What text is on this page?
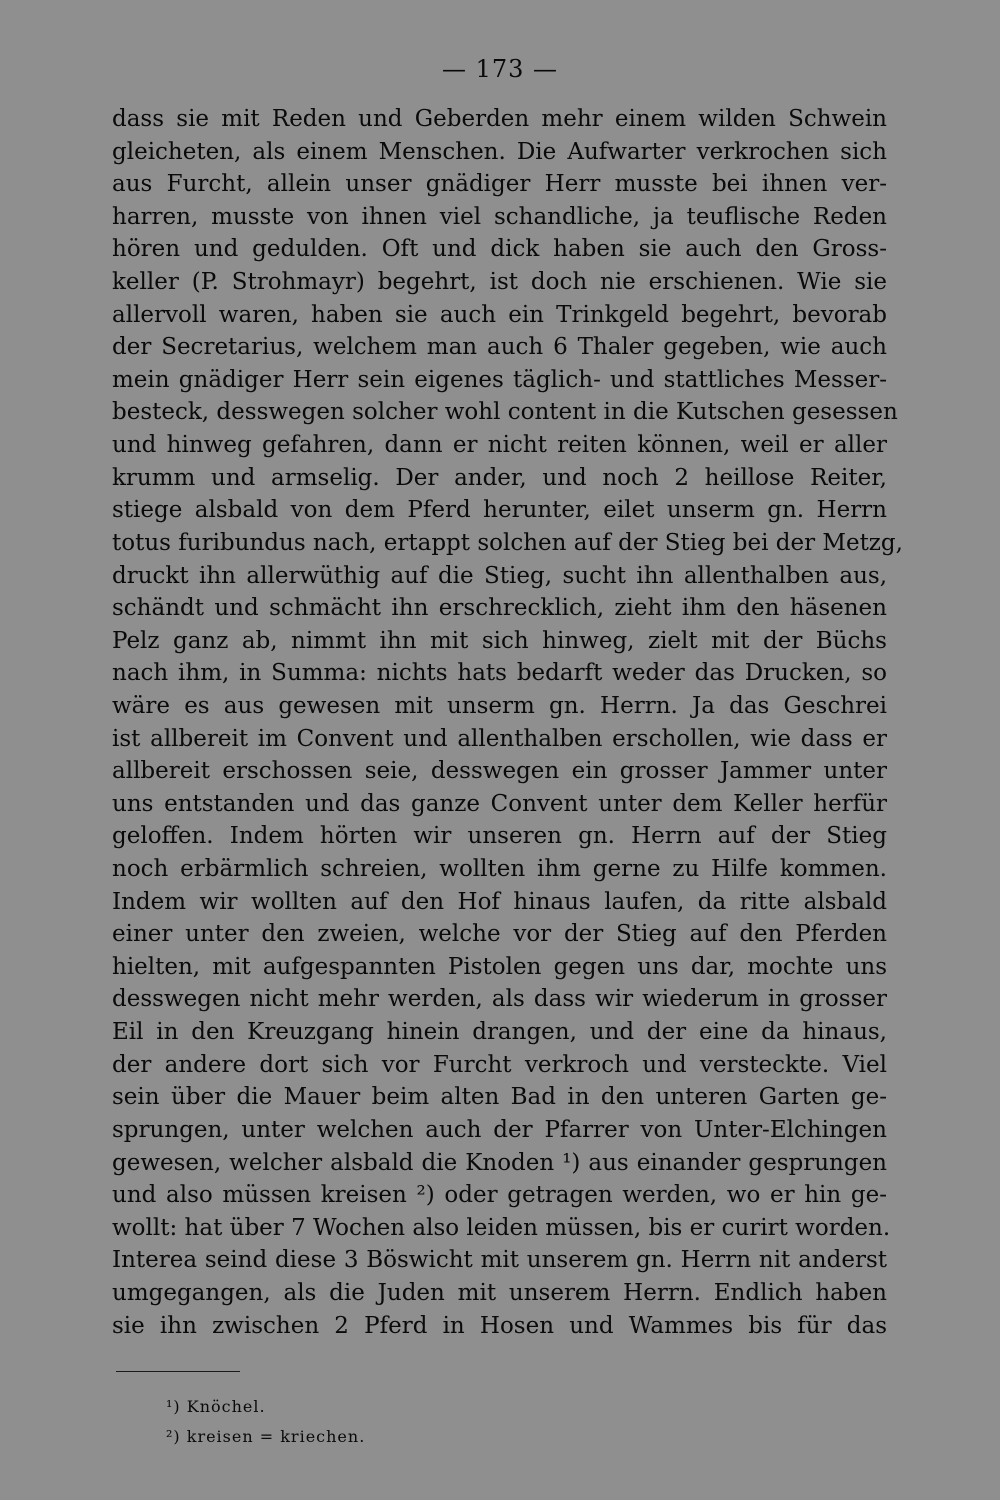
— 173 —
dass sie mit Reden und Geberden mehr einem wilden Schwein
gleicheten, als einem Menschen. Die Aufwarter verkrochen sich
aus Furcht, allein unser gnädiger Herr musste bei ihnen ver-
harren, musste von ihnen viel schandliche, ja teuflische Reden
hören und gedulden. Oft und dick haben sie auch den Gross-
keller (P. Strohmayr) begehrt, ist doch nie erschienen. Wie sie
allervoll waren, haben sie auch ein Trinkgeld begehrt, bevorab
der Secretarius, welchem man auch 6 Thaler gegeben, wie auch
mein gnädiger Herr sein eigenes täglich- und stattliches Messer-
besteck, desswegen solcher wohl content in die Kutschen gesessen
und hinweg gefahren, dann er nicht reiten können, weil er aller
krumm und armselig. Der ander, und noch 2 heillose Reiter,
stiege alsbald von dem Pferd herunter, eilet unserm gn. Herrn
totus furibundus nach, ertappt solchen auf der Stieg bei der Metzg,
druckt ihn allerwüthig auf die Stieg, sucht ihn allenthalben aus,
schändt und schmächt ihn erschrecklich, zieht ihm den häsenen
Pelz ganz ab, nimmt ihn mit sich hinweg, zielt mit der Büchs
nach ihm, in Summa: nichts hats bedarft weder das Drucken, so
wäre es aus gewesen mit unserm gn. Herrn. Ja das Geschrei
ist allbereit im Convent und allenthalben erschollen, wie dass er
allbereit erschossen seie, desswegen ein grosser Jammer unter
uns entstanden und das ganze Convent unter dem Keller herfür
geloffen. Indem hörten wir unseren gn. Herrn auf der Stieg
noch erbärmlich schreien, wollten ihm gerne zu Hilfe kommen.
Indem wir wollten auf den Hof hinaus laufen, da ritte alsbald
einer unter den zweien, welche vor der Stieg auf den Pferden
hielten, mit aufgespannten Pistolen gegen uns dar, mochte uns
desswegen nicht mehr werden, als dass wir wiederum in grosser
Eil in den Kreuzgang hinein drangen, und der eine da hinaus,
der andere dort sich vor Furcht verkroch und versteckte. Viel
sein über die Mauer beim alten Bad in den unteren Garten ge-
sprungen, unter welchen auch der Pfarrer von Unter-Elchingen
gewesen, welcher alsbald die Knoden ¹) aus einander gesprungen
und also müssen kreisen ²) oder getragen werden, wo er hin ge-
wollt: hat über 7 Wochen also leiden müssen, bis er curirt worden.
Interea seind diese 3 Böswicht mit unserem gn. Herrn nit anderst
umgegangen, als die Juden mit unserem Herrn. Endlich haben
sie ihn zwischen 2 Pferd in Hosen und Wammes bis für das
¹) Knöchel.
²) kreisen = kriechen.
